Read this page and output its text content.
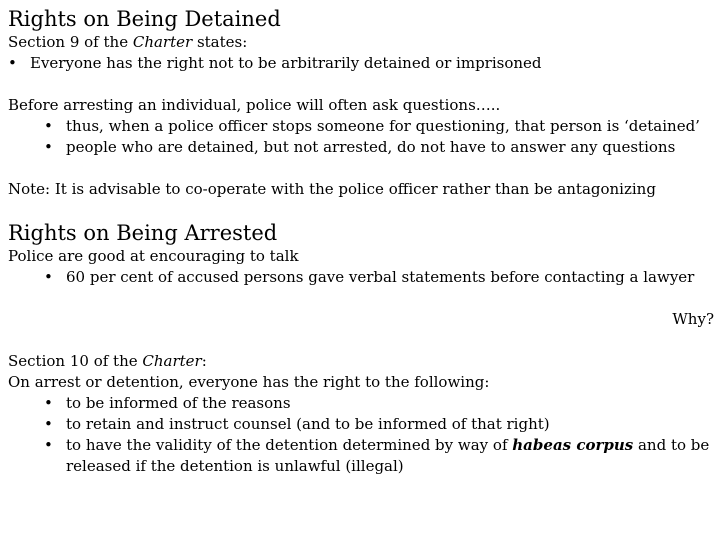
Rights on Being Detained

Section 9 of the Charter states:

• Everyone has the right not to be arbitrarily detained or imprisoned

Before arresting an individual, police will often ask questions…..

• thus, when a police officer stops someone for questioning, that person is ‘detained’
• people who are detained, but not arrested, do not have to answer any questions

Note: It is advisable to co-operate with the police officer rather than be antagonizing

Rights on Being Arrested

Police are good at encouraging to talk

• 60 per cent of accused persons gave verbal statements before contacting a lawyer

Why?

Section 10 of the Charter:

On arrest or detention, everyone has the right to the following:

• to be informed of the reasons
• to retain and instruct counsel (and to be informed of that right)
• to have the validity of the detention determined by way of habeas corpus and to be released if the detention is unlawful (illegal)
